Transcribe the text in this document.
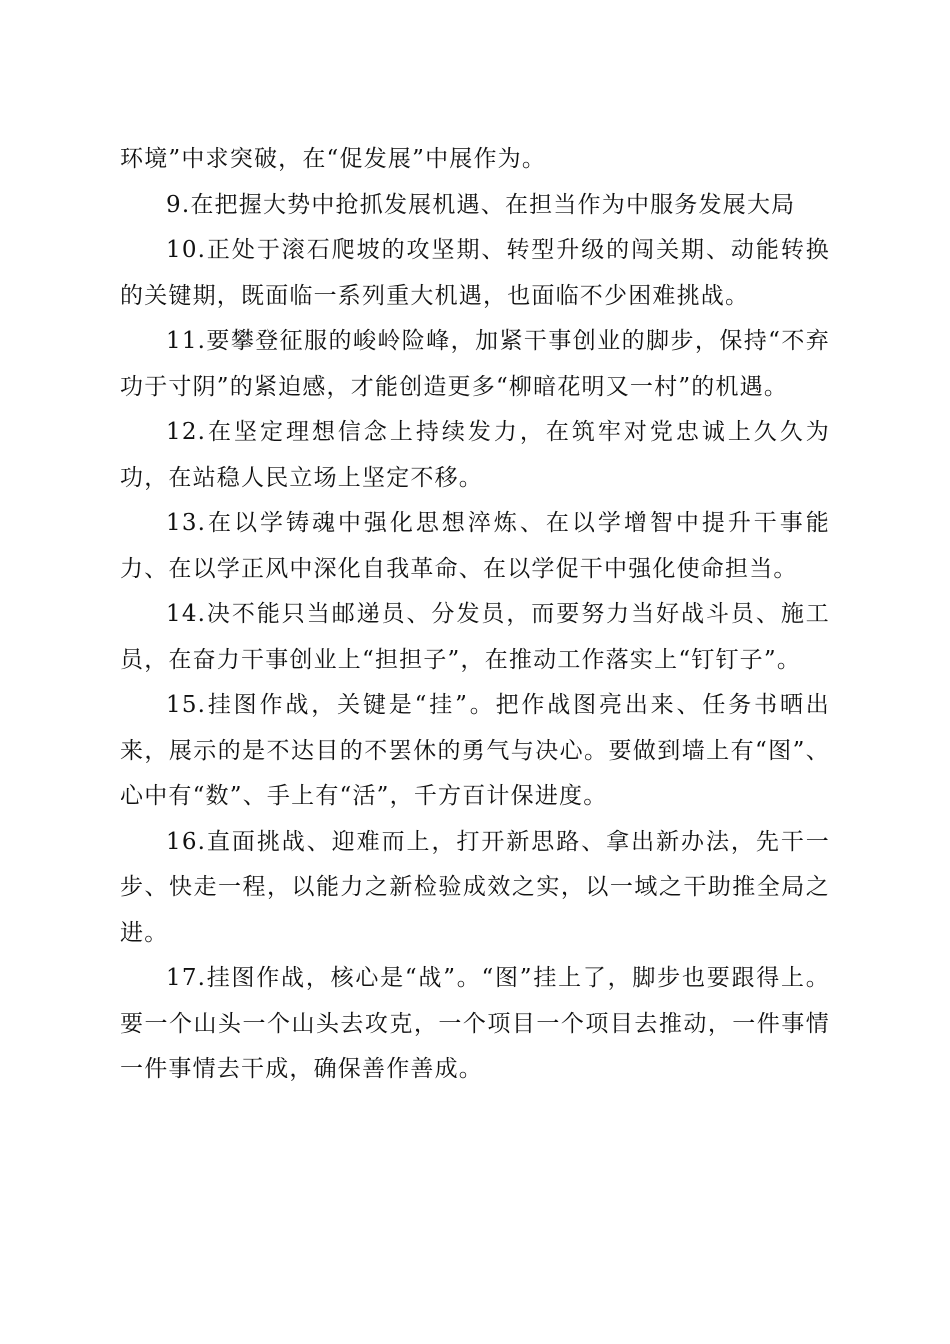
环境”中求突破，在“促发展”中展作为。

9.在把握大势中抢抓发展机遇、在担当作为中服务发展大局

10.正处于滚石爬坡的攻坚期、转型升级的闯关期、动能转换的关键期，既面临一系列重大机遇，也面临不少困难挑战。

11.要攀登征服的峻岭险峰，加紧干事创业的脚步，保持“不弃功于寸阴”的紧迫感，才能创造更多“柳暗花明又一村”的机遇。

12.在坚定理想信念上持续发力，在筑牢对党忠诚上久久为功，在站稳人民立场上坚定不移。

13.在以学铸魂中强化思想淬炼、在以学增智中提升干事能力、在以学正风中深化自我革命、在以学促干中强化使命担当。

14.决不能只当邮递员、分发员，而要努力当好战斗员、施工员，在奋力干事创业上“担担子”，在推动工作落实上“钉钉子”。

15.挂图作战，关键是“挂”。把作战图亮出来、任务书晒出来，展示的是不达目的不罢休的勇气与决心。要做到墙上有“图”、心中有“数”、手上有“活”，千方百计保进度。

16.直面挑战、迎难而上，打开新思路、拿出新办法，先干一步、快走一程，以能力之新检验成效之实，以一域之干助推全局之进。

17.挂图作战，核心是“战”。“图”挂上了，脚步也要跟得上。要一个山头一个山头去攻克，一个项目一个项目去推动，一件事情一件事情去干成，确保善作善成。
